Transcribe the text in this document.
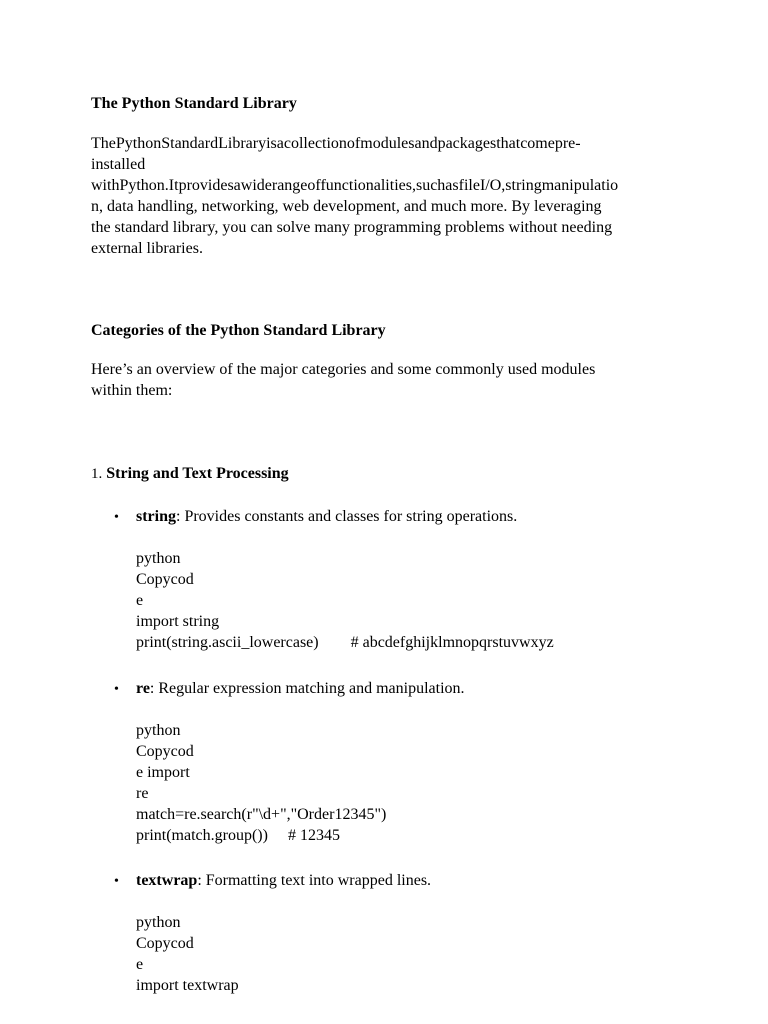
The Python Standard Library
ThePythonStandardLibraryisacollectionofmodulesandpackagesthatcomepre-
installed
withPython.Itprovidesawiderangeoffunctionalities,suchasfileI/O,stringmanipulatio
n, data handling, networking, web development, and much more. By leveraging
the standard library, you can solve many programming problems without needing
external libraries.
Categories of the Python Standard Library
Here’s an overview of the major categories and some commonly used modules
within them:
1. String and Text Processing
• string: Provides constants and classes for string operations.
python
Copycod
e
import string
print(string.ascii_lowercase)        # abcdefghijklmnopqrstuvwxyz
• re: Regular expression matching and manipulation.
python
Copycod
e import
re
match=re.search(r"\d+","Order12345")
print(match.group())     # 12345
• textwrap: Formatting text into wrapped lines.
python
Copycod
e
import textwrap
